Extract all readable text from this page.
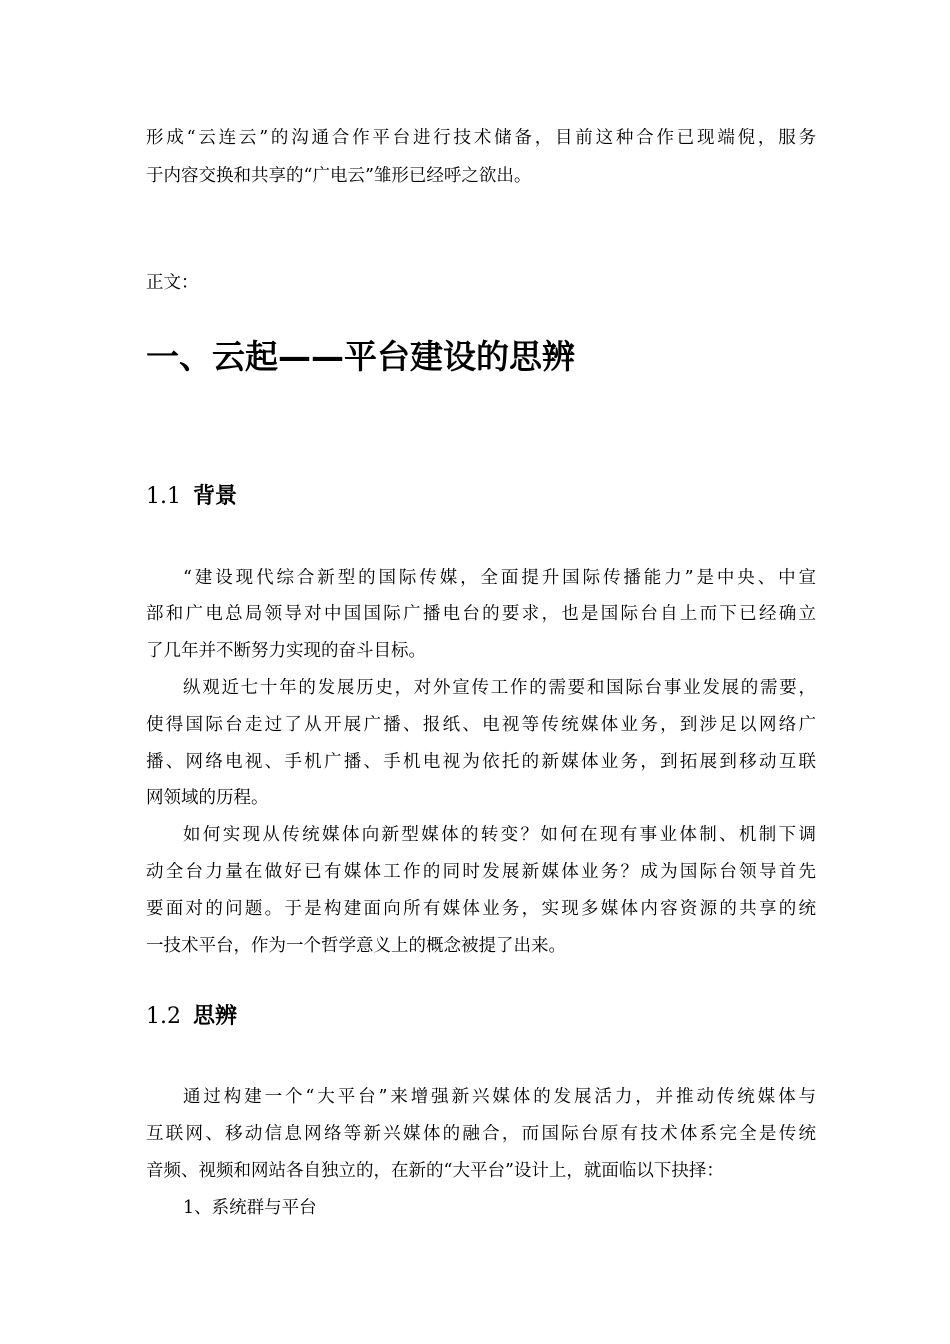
形成“云连云”的沟通合作平台进行技术储备，目前这种合作已现端倪，服务
于内容交换和共享的“广电云”雏形已经呼之欲出。
正文：
一、云起——平台建设的思辨
1.1 背景
“建设现代综合新型的国际传媒，全面提升国际传播能力”是中央、中宣
部和广电总局领导对中国国际广播电台的要求，也是国际台自上而下已经确立
了几年并不断努力实现的奋斗目标。
纵观近七十年的发展历史，对外宣传工作的需要和国际台事业发展的需要，
使得国际台走过了从开展广播、报纸、电视等传统媒体业务，到涉足以网络广
播、网络电视、手机广播、手机电视为依托的新媒体业务，到拓展到移动互联
网领域的历程。
如何实现从传统媒体向新型媒体的转变？如何在现有事业体制、机制下调
动全台力量在做好已有媒体工作的同时发展新媒体业务？成为国际台领导首先
要面对的问题。于是构建面向所有媒体业务，实现多媒体内容资源的共享的统
一技术平台，作为一个哲学意义上的概念被提了出来。
1.2 思辨
通过构建一个“大平台”来增强新兴媒体的发展活力，并推动传统媒体与
互联网、移动信息网络等新兴媒体的融合，而国际台原有技术体系完全是传统
音频、视频和网站各自独立的，在新的“大平台”设计上，就面临以下抉择：
1、系统群与平台
